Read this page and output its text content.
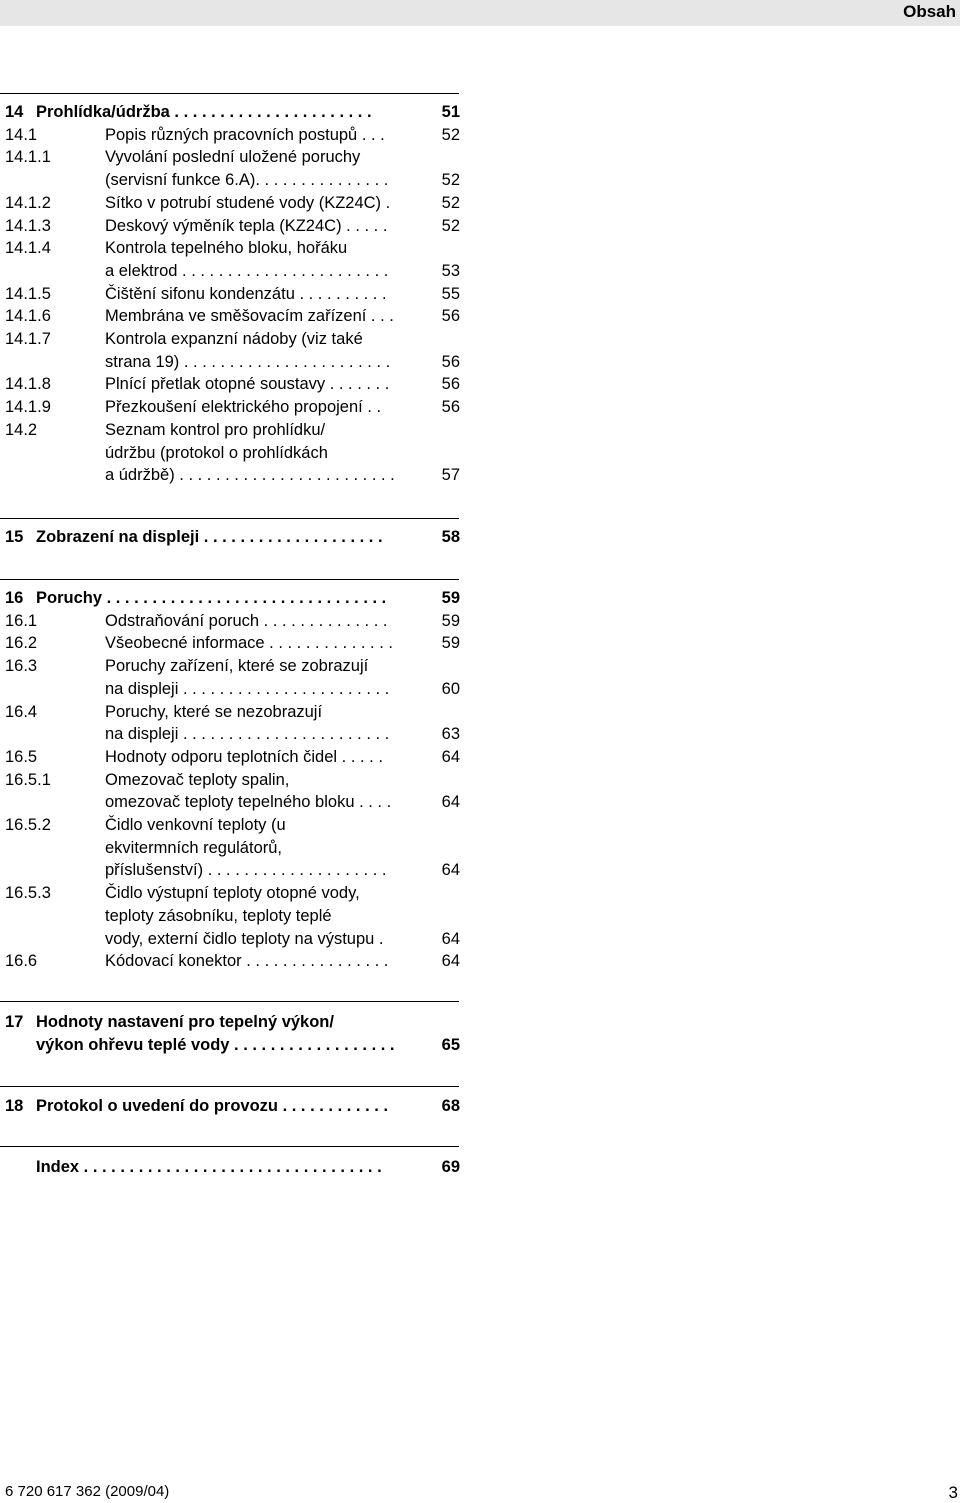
Obsah
14 Prohlídka/údržba . . . . . . . . . . . . . . . . . . . . . .	51
14.1	Popis různých pracovních postupů . . .	52
14.1.1	Vyvolání poslední uložené poruchy
(servisní funkce 6.A). . . . . . . . . . . . . . .	52
14.1.2	Sítko v potrubí studené vody (KZ24C) .	52
14.1.3	Deskový výměník tepla (KZ24C) . . . . .	52
14.1.4	Kontrola tepelného bloku, hořáku
a elektrod . . . . . . . . . . . . . . . . . . . . . . .	53
14.1.5	Čištění sifonu kondenzátu . . . . . . . . . .	55
14.1.6	Membrána ve směšovacím zařízení . . .	56
14.1.7	Kontrola expanzní nádoby (viz také
strana 19) . . . . . . . . . . . . . . . . . . . . . . .	56
14.1.8	Plnící přetlak otopné soustavy . . . . . . .	56
14.1.9	Přezkoušení elektrického propojení . .	56
14.2	Seznam kontrol pro prohlídku/
údržbu (protokol o prohlídkách
a údržbě) . . . . . . . . . . . . . . . . . . . . . . . .	57
15 Zobrazení na displeji . . . . . . . . . . . . . . . . . . . .	58
16 Poruchy . . . . . . . . . . . . . . . . . . . . . . . . . . . . . . .	59
16.1	Odstraňování poruch . . . . . . . . . . . . . .	59
16.2	Všeobecné informace . . . . . . . . . . . . . .	59
16.3	Poruchy zařízení, které se zobrazují
na displeji . . . . . . . . . . . . . . . . . . . . . . .	60
16.4	Poruchy, které se nezobrazují
na displeji . . . . . . . . . . . . . . . . . . . . . . .	63
16.5	Hodnoty odporu teplotních čidel . . . . .	64
16.5.1	Omezovač teploty spalin,
omezovač teploty tepelného bloku . . . .	64
16.5.2	Čidlo venkovní teploty (u
ekvitermních regulátorů,
příslušenství) . . . . . . . . . . . . . . . . . . . .	64
16.5.3	Čidlo výstupní teploty otopné vody,
teploty zásobníku, teploty teplé
vody, externí čidlo teploty na výstupu .	64
16.6	Kódovací konektor . . . . . . . . . . . . . . . .	64
17 Hodnoty nastavení pro tepelný výkon/
výkon ohřevu teplé vody . . . . . . . . . . . . . . . . . .	65
18 Protokol o uvedení do provozu . . . . . . . . . . . .	68
Index . . . . . . . . . . . . . . . . . . . . . . . . . . . . . . . . .	69
6 720 617 362 (2009/04)	3
